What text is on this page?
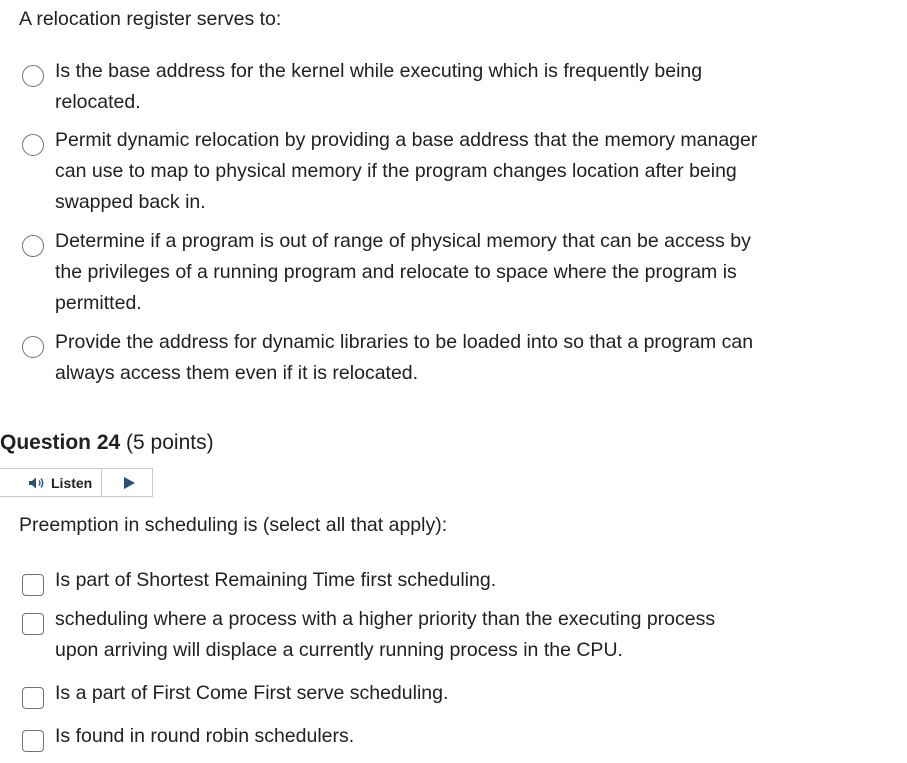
A relocation register serves to:
Is the base address for the kernel while executing which is frequently being
relocated.
Permit dynamic relocation by providing a base address that the memory manager
can use to map to physical memory if the program changes location after being
swapped back in.
Determine if a program is out of range of physical memory that can be access by
the privileges of a running program and relocate to space where the program is
permitted.
Provide the address for dynamic libraries to be loaded into so that a program can
always access them even if it is relocated.
Question 24 (5 points)
Listen
Preemption in scheduling is (select all that apply):
Is part of Shortest Remaining Time first scheduling.
scheduling where a process with a higher priority than the executing process
upon arriving will displace a currently running process in the CPU.
Is a part of First Come First serve scheduling.
Is found in round robin schedulers.
